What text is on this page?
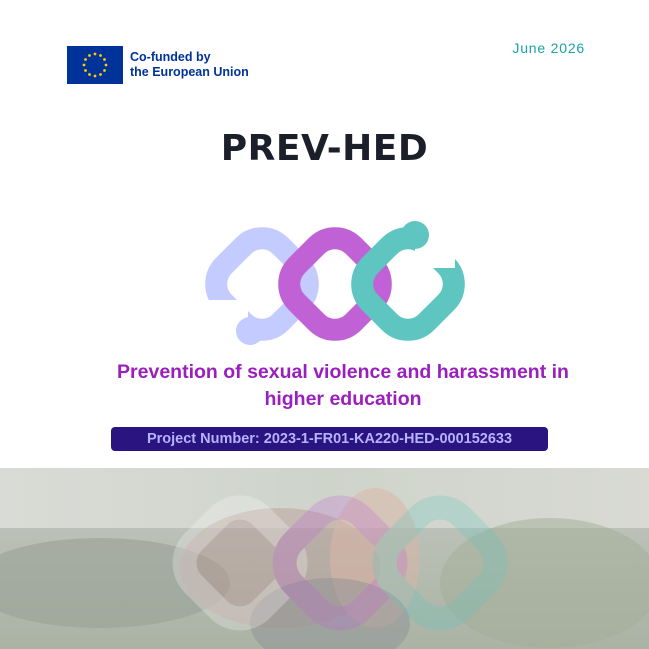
Co-funded by
the European Union
June 2026
PREV-HED
Prevention of sexual violence and harassment in
higher education
Project Number: 2023-1-FR01-KA220-HED-000152633
